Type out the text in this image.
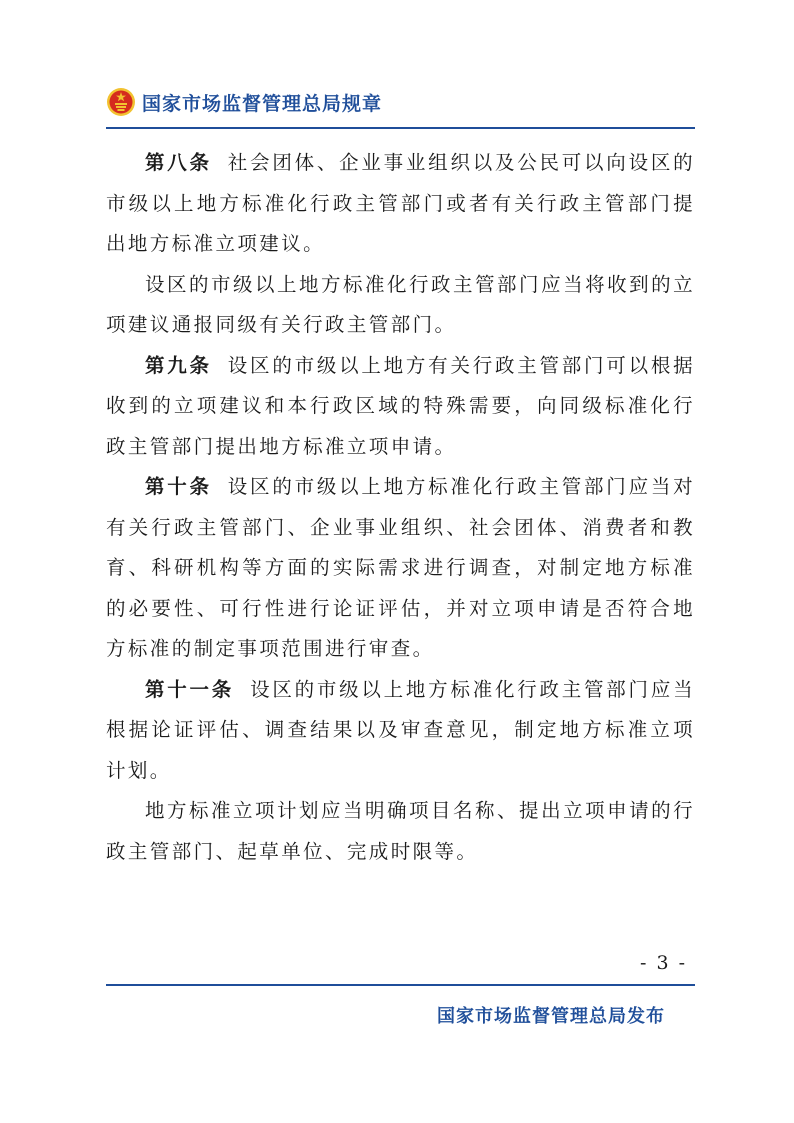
国家市场监督管理总局规章

第八条 社会团体、企业事业组织以及公民可以向设区的市级以上地方标准化行政主管部门或者有关行政主管部门提出地方标准立项建议。

设区的市级以上地方标准化行政主管部门应当将收到的立项建议通报同级有关行政主管部门。

第九条 设区的市级以上地方有关行政主管部门可以根据收到的立项建议和本行政区域的特殊需要，向同级标准化行政主管部门提出地方标准立项申请。

第十条 设区的市级以上地方标准化行政主管部门应当对有关行政主管部门、企业事业组织、社会团体、消费者和教育、科研机构等方面的实际需求进行调查，对制定地方标准的必要性、可行性进行论证评估，并对立项申请是否符合地方标准的制定事项范围进行审查。

第十一条 设区的市级以上地方标准化行政主管部门应当根据论证评估、调查结果以及审查意见，制定地方标准立项计划。

地方标准立项计划应当明确项目名称、提出立项申请的行政主管部门、起草单位、完成时限等。

- 3 -
国家市场监督管理总局发布
